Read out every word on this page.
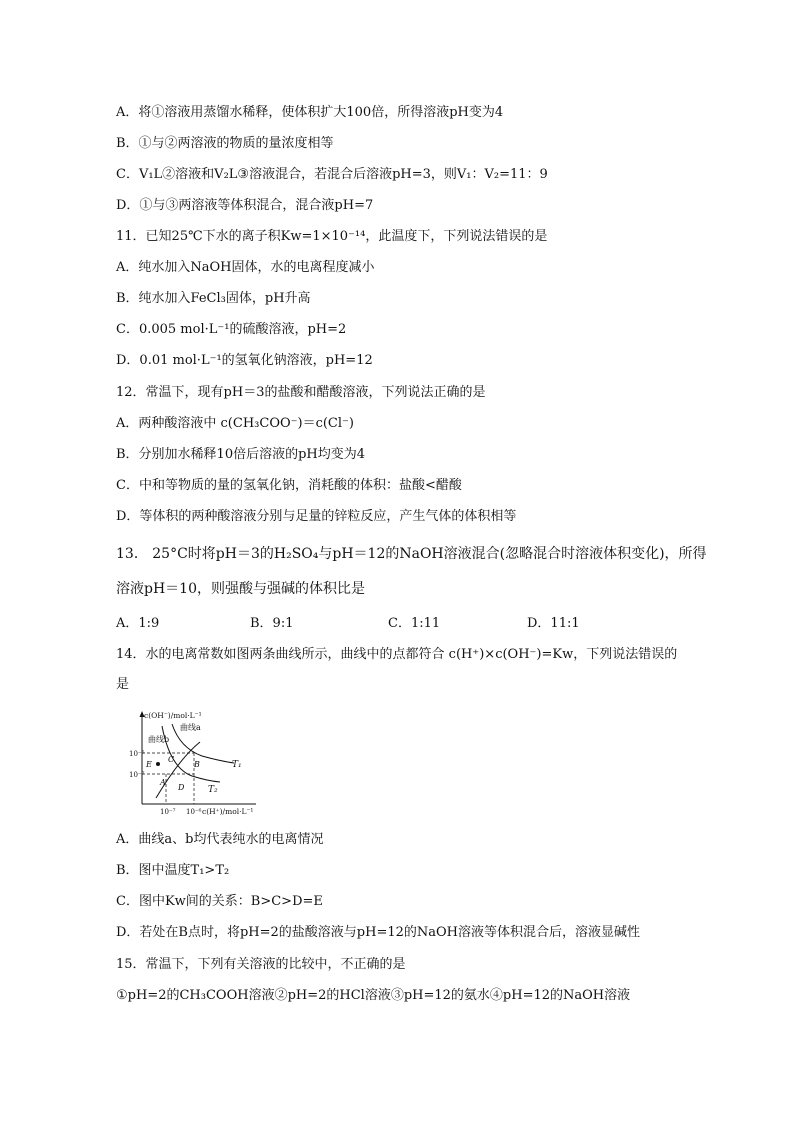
A．将①溶液用蒸馏水稀释，使体积扩大100倍，所得溶液pH变为4
B．①与②两溶液的物质的量浓度相等
C．V₁L②溶液和V₂L③溶液混合，若混合后溶液pH=3，则V₁：V₂=11：9
D．①与③两溶液等体积混合，混合液pH=7
11．已知25℃下水的离子积Kw=1×10⁻¹⁴，此温度下，下列说法错误的是
A．纯水加入NaOH固体，水的电离程度减小
B．纯水加入FeCl₃固体，pH升高
C．0.005 mol·L⁻¹的硫酸溶液，pH=2
D．0.01 mol·L⁻¹的氢氧化钠溶液，pH=12
12．常温下，现有pH＝3的盐酸和醋酸溶液，下列说法正确的是
A．两种酸溶液中 c(CH₃COO⁻)＝c(Cl⁻)
B．分别加水稀释10倍后溶液的pH均变为4
C．中和等物质的量的氢氧化钠，消耗酸的体积：盐酸<醋酸
D．等体积的两种酸溶液分别与足量的锌粒反应，产生气体的体积相等
13． 25°C时将pH＝3的H₂SO₄与pH＝12的NaOH溶液混合(忽略混合时溶液体积变化)，所得
溶液pH＝10，则强酸与强碱的体积比是
A．1:9	B．9:1	C．1:11	D．11:1
14．水的电离常数如图两条曲线所示，曲线中的点都符合 c(H⁺)×c(OH⁻)=Kw，下列说法错误的
是
c(OH⁻)/mol·L⁻¹
曲线a
曲线b
10⁻⁶
10⁻⁷
E
C
B
A
D
T₁
T₂
10⁻⁷ 10⁻⁶ c(H⁺)/mol·L⁻¹
A．曲线a、b均代表纯水的电离情况
B．图中温度T₁>T₂
C．图中Kw间的关系：B>C>D=E
D．若处在B点时，将pH=2的盐酸溶液与pH=12的NaOH溶液等体积混合后，溶液显碱性
15．常温下，下列有关溶液的比较中，不正确的是
①pH=2的CH₃COOH溶液②pH=2的HCl溶液③pH=12的氨水④pH=12的NaOH溶液
